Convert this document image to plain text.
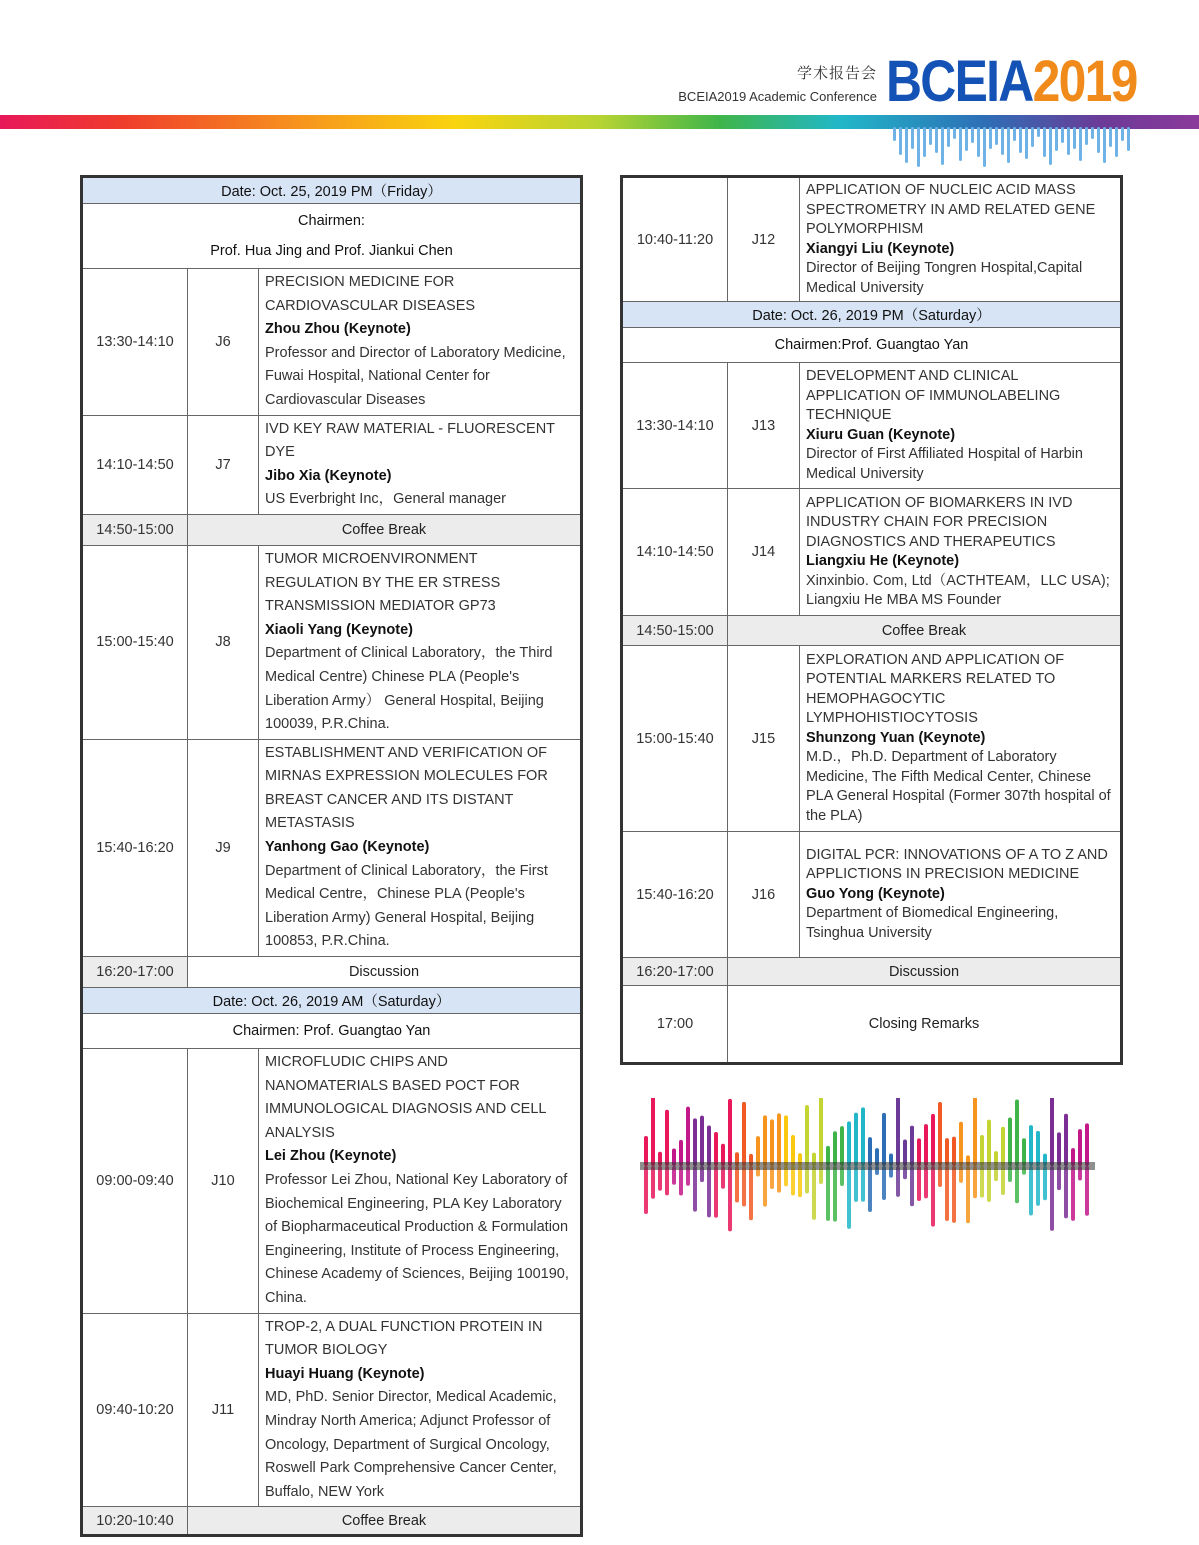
学术报告会
BCEIA2019 Academic Conference BCEIA2019
Date: Oct. 25, 2019 PM（Friday）		

Chairmen:
Prof. Hua Jing and Prof. Jiankui Chen		

13:30-14:10	J6	PRECISION MEDICINE FOR CARDIOVASCULAR DISEASES
Zhou Zhou (Keynote)
Professor and Director of Laboratory Medicine, Fuwai Hospital, National Center for Cardiovascular Diseases

14:10-14:50	J7	IVD KEY RAW MATERIAL - FLUORESCENT DYE
Jibo Xia (Keynote)
US Everbright Inc，General manager

14:50-15:00	Coffee Break	
15:00-15:40	J8	TUMOR MICROENVIRONMENT REGULATION BY THE ER STRESS TRANSMISSION MEDIATOR GP73
Xiaoli Yang (Keynote)
Department of Clinical Laboratory，the Third Medical Centre) Chinese PLA (People's Liberation Army） General Hospital, Beijing 100039, P.R.China.

15:40-16:20	J9	ESTABLISHMENT AND VERIFICATION OF MIRNAS EXPRESSION MOLECULES FOR BREAST CANCER AND ITS DISTANT METASTASIS
Yanhong Gao (Keynote)
Department of Clinical Laboratory，the First Medical Centre，Chinese PLA (People's Liberation Army) General Hospital, Beijing 100853, P.R.China.

16:20-17:00	Discussion	
Date: Oct. 26, 2019 AM（Saturday）		
Chairmen: Prof. Guangtao Yan		
09:00-09:40	J10	MICROFLUDIC CHIPS AND NANOMATERIALS BASED POCT FOR IMMUNOLOGICAL DIAGNOSIS AND CELL ANALYSIS
Lei Zhou (Keynote)
Professor Lei Zhou, National Key Laboratory of Biochemical Engineering, PLA Key Laboratory of Biopharmaceutical Production & Formulation Engineering, Institute of Process Engineering, Chinese Academy of Sciences, Beijing 100190, China.

09:40-10:20	J11	TROP-2, A DUAL FUNCTION PROTEIN IN TUMOR BIOLOGY
Huayi Huang (Keynote)
MD, PhD. Senior Director, Medical Academic, Mindray North America; Adjunct Professor of Oncology, Department of Surgical Oncology, Roswell Park Comprehensive Cancer Center, Buffalo, NEW York

10:20-10:40	Coffee Break	
10:40-11:20	J12	APPLICATION OF NUCLEIC ACID MASS SPECTROMETRY IN AMD RELATED GENE POLYMORPHISM
Xiangyi Liu (Keynote)
Director of Beijing Tongren Hospital,Capital Medical University

Date: Oct. 26, 2019 PM（Saturday）		
Chairmen:Prof. Guangtao Yan		
13:30-14:10	J13	DEVELOPMENT AND CLINICAL APPLICATION OF IMMUNOLABELING TECHNIQUE
Xiuru Guan (Keynote)
Director of First Affiliated Hospital of Harbin Medical University

14:10-14:50	J14	APPLICATION OF BIOMARKERS IN IVD INDUSTRY CHAIN FOR PRECISION DIAGNOSTICS AND THERAPEUTICS
Liangxiu He (Keynote)
Xinxinbio. Com, Ltd（ACTHTEAM，LLC USA); Liangxiu He MBA MS Founder

14:50-15:00	Coffee Break	
15:00-15:40	J15	EXPLORATION AND APPLICATION OF POTENTIAL MARKERS RELATED TO HEMOPHAGOCYTIC LYMPHOHISTIOCYTOSIS
Shunzong Yuan (Keynote)
M.D.，Ph.D. Department of Laboratory Medicine, The Fifth Medical Center, Chinese PLA General Hospital (Former 307th hospital of the PLA)

15:40-16:20	J16	DIGITAL PCR: INNOVATIONS OF A TO Z AND APPLICTIONS IN PRECISION MEDICINE
Guo Yong (Keynote)
Department of Biomedical Engineering, Tsinghua University

16:20-17:00	Discussion	
17:00	Closing Remarks	
